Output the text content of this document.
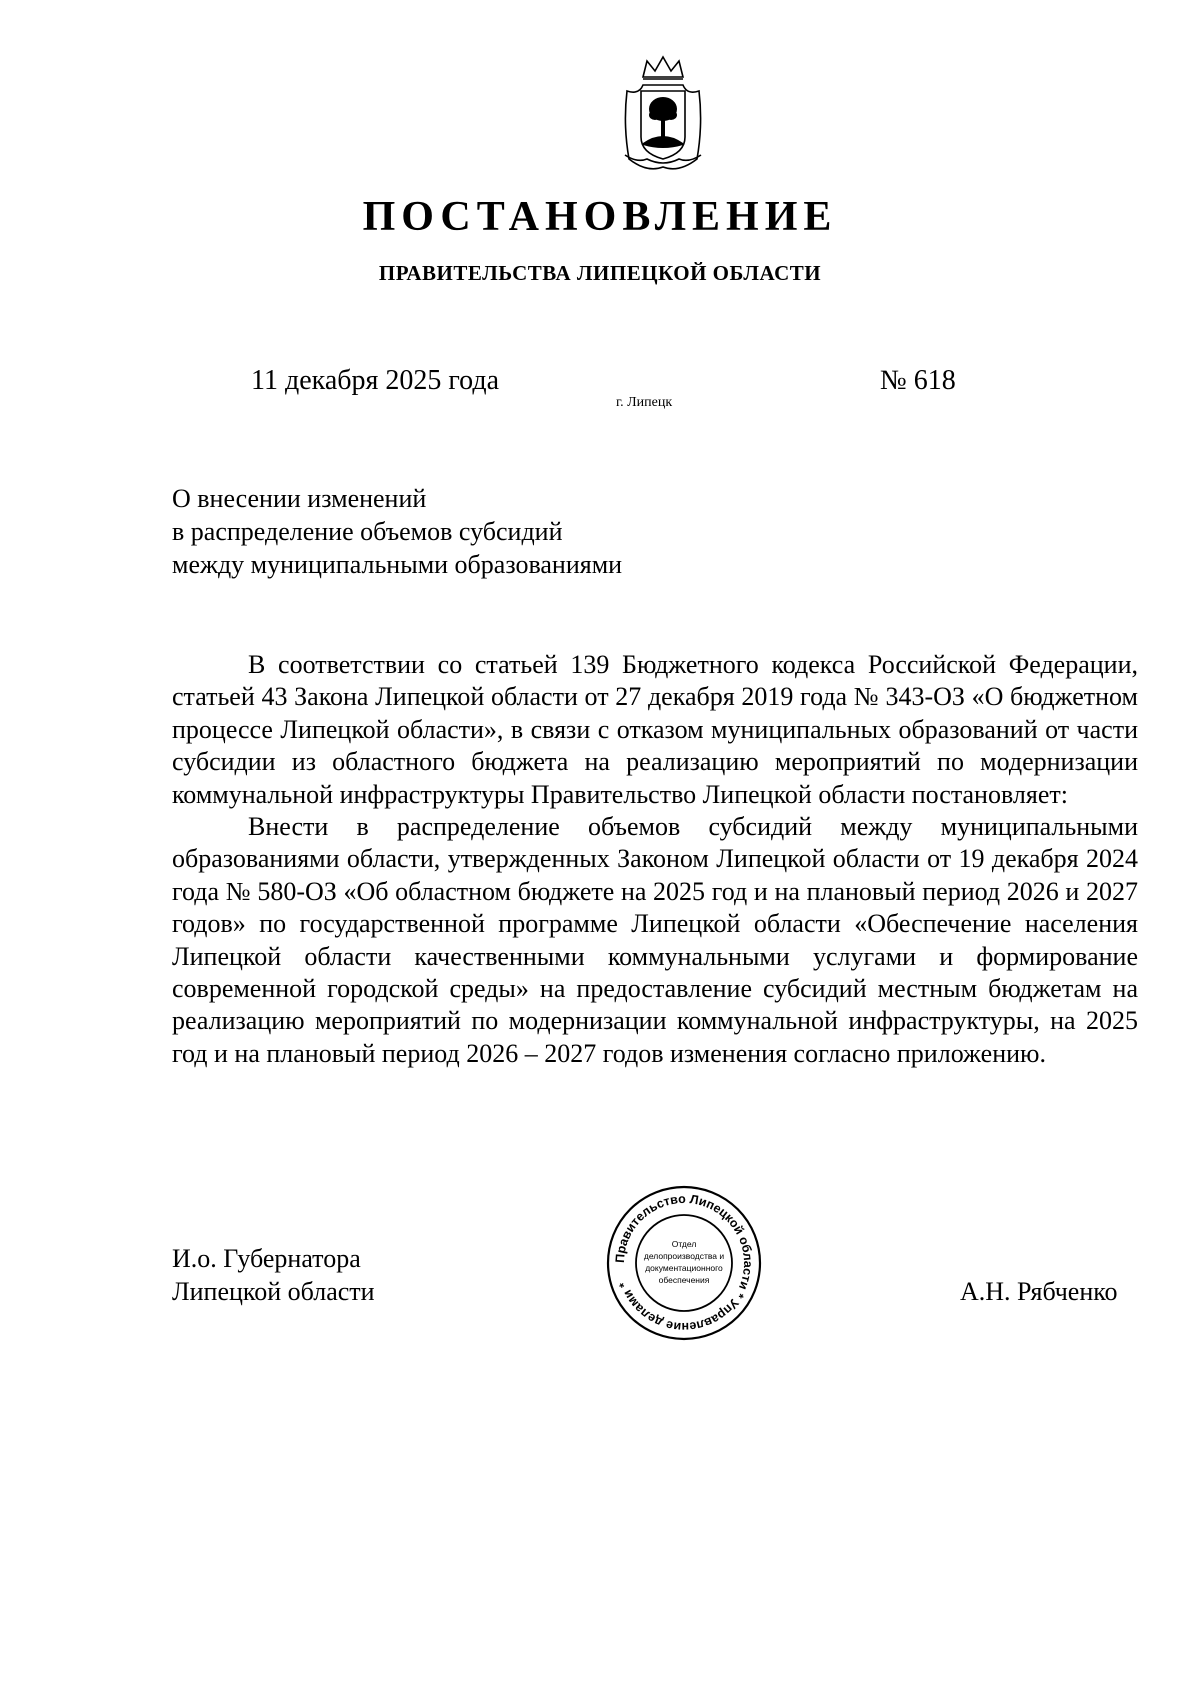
ПОСТАНОВЛЕНИЕ
ПРАВИТЕЛЬСТВА ЛИПЕЦКОЙ ОБЛАСТИ
11 декабря 2025 года
г. Липецк
№ 618
О внесении изменений
в распределение объемов субсидий
между муниципальными образованиями

В соответствии со статьей 139 Бюджетного кодекса Российской Федерации, статьей 43 Закона Липецкой области от 27 декабря 2019 года № 343-ОЗ «О бюджетном процессе Липецкой области», в связи с отказом муниципальных образований от части субсидии из областного бюджета на реализацию мероприятий по модернизации коммунальной инфраструктуры Правительство Липецкой области постановляет:

Внести в распределение объемов субсидий между муниципальными образованиями области, утвержденных Законом Липецкой области от 19 декабря 2024 года № 580-ОЗ «Об областном бюджете на 2025 год и на плановый период 2026 и 2027 годов» по государственной программе Липецкой области «Обеспечение населения Липецкой области качественными коммунальными услугами и формирование современной городской среды» на предоставление субсидий местным бюджетам на реализацию мероприятий по модернизации коммунальной инфраструктуры, на 2025 год и на плановый период 2026 – 2027 годов изменения согласно приложению.

И.о. Губернатора
Липецкой области	А.Н. Рябченко
Правительство Липецкой области * Управление делами *
Отдел
делопроизводства и
документационного
обеспечения
